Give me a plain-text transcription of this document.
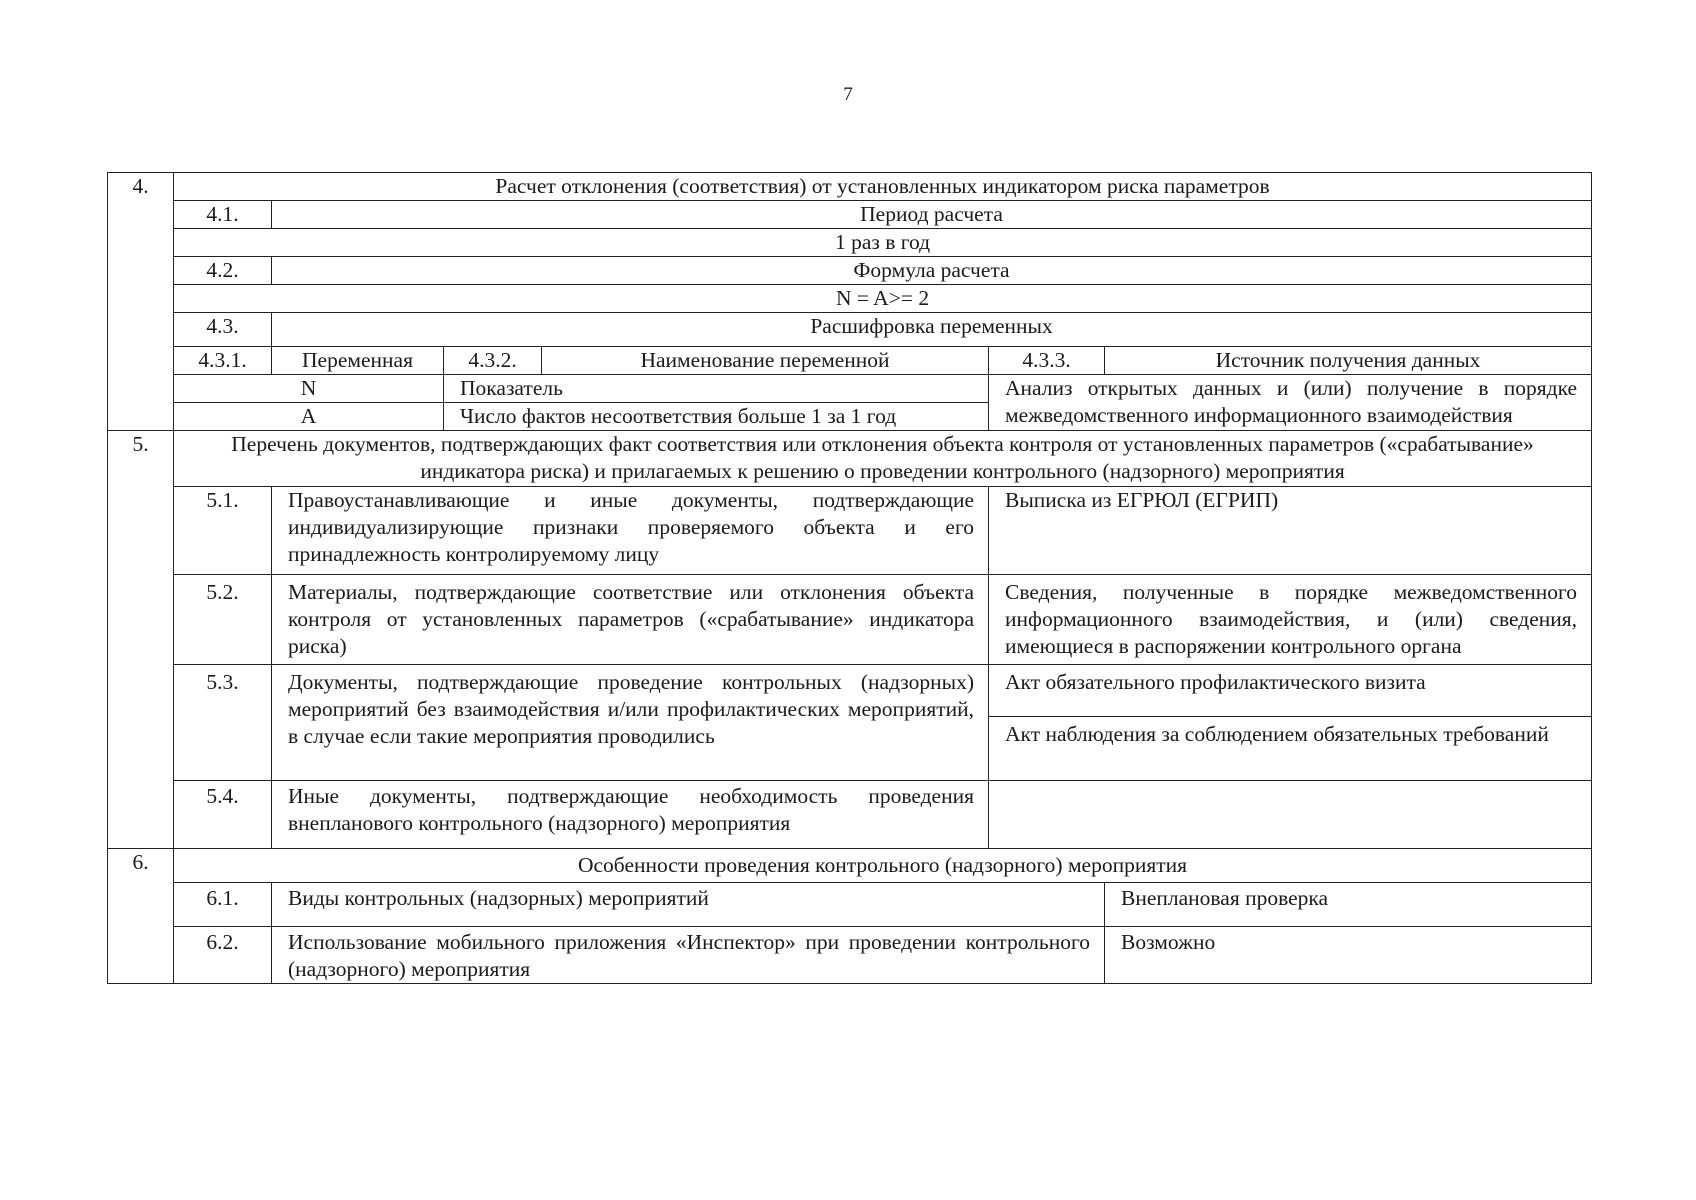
7
4.	Расчет отклонения (соответствия) от установленных индикатором риска параметров					
	4.1.	Период расчета				
	1 раз в год					
	4.2.	Формула расчета				
	N = A>= 2					
	4.3.	Расшифровка переменных				
	4.3.1.	Переменная	4.3.2.	Наименование переменной	4.3.3.	Источник получения данных
	N		Показатель		Анализ открытых данных и (или) получение в порядке межведомственного информационного взаимодействия	
	A		Число фактов несоответствия больше 1 за 1 год			

5.	Перечень документов, подтверждающих факт соответствия или отклонения объекта контроля от установленных параметров («срабатывание» индикатора риска) и прилагаемых к решению о проведении контрольного (надзорного) мероприятия					
	5.1.	Правоустанавливающие и иные документы, подтверждающие индивидуализирующие признаки проверяемого объекта и его принадлежность контролируемому лицу			Выписка из ЕГРЮЛ (ЕГРИП)	
	5.2.	Материалы, подтверждающие соответствие или отклонения объекта контроля от установленных параметров («срабатывание» индикатора риска)			Сведения, полученные в порядке межведомственного информационного взаимодействия, и (или) сведения, имеющиеся в распоряжении контрольного органа	
	5.3.	Документы, подтверждающие проведение контрольных (надзорных) мероприятий без взаимодействия и/или профилактических мероприятий, в случае если такие мероприятия проводились			Акт обязательного профилактического визита
Акт наблюдения за соблюдением обязательных требований	

	5.4.	Иные документы, подтверждающие необходимость проведения внепланового контрольного (надзорного) мероприятия				
6.	Особенности проведения контрольного (надзорного) мероприятия					
	6.1.	Виды контрольных (надзорных) мероприятий				Внеплановая проверка
	6.2.	Использование мобильного приложения «Инспектор» при проведении контрольного (надзорного) мероприятия				Возможно
